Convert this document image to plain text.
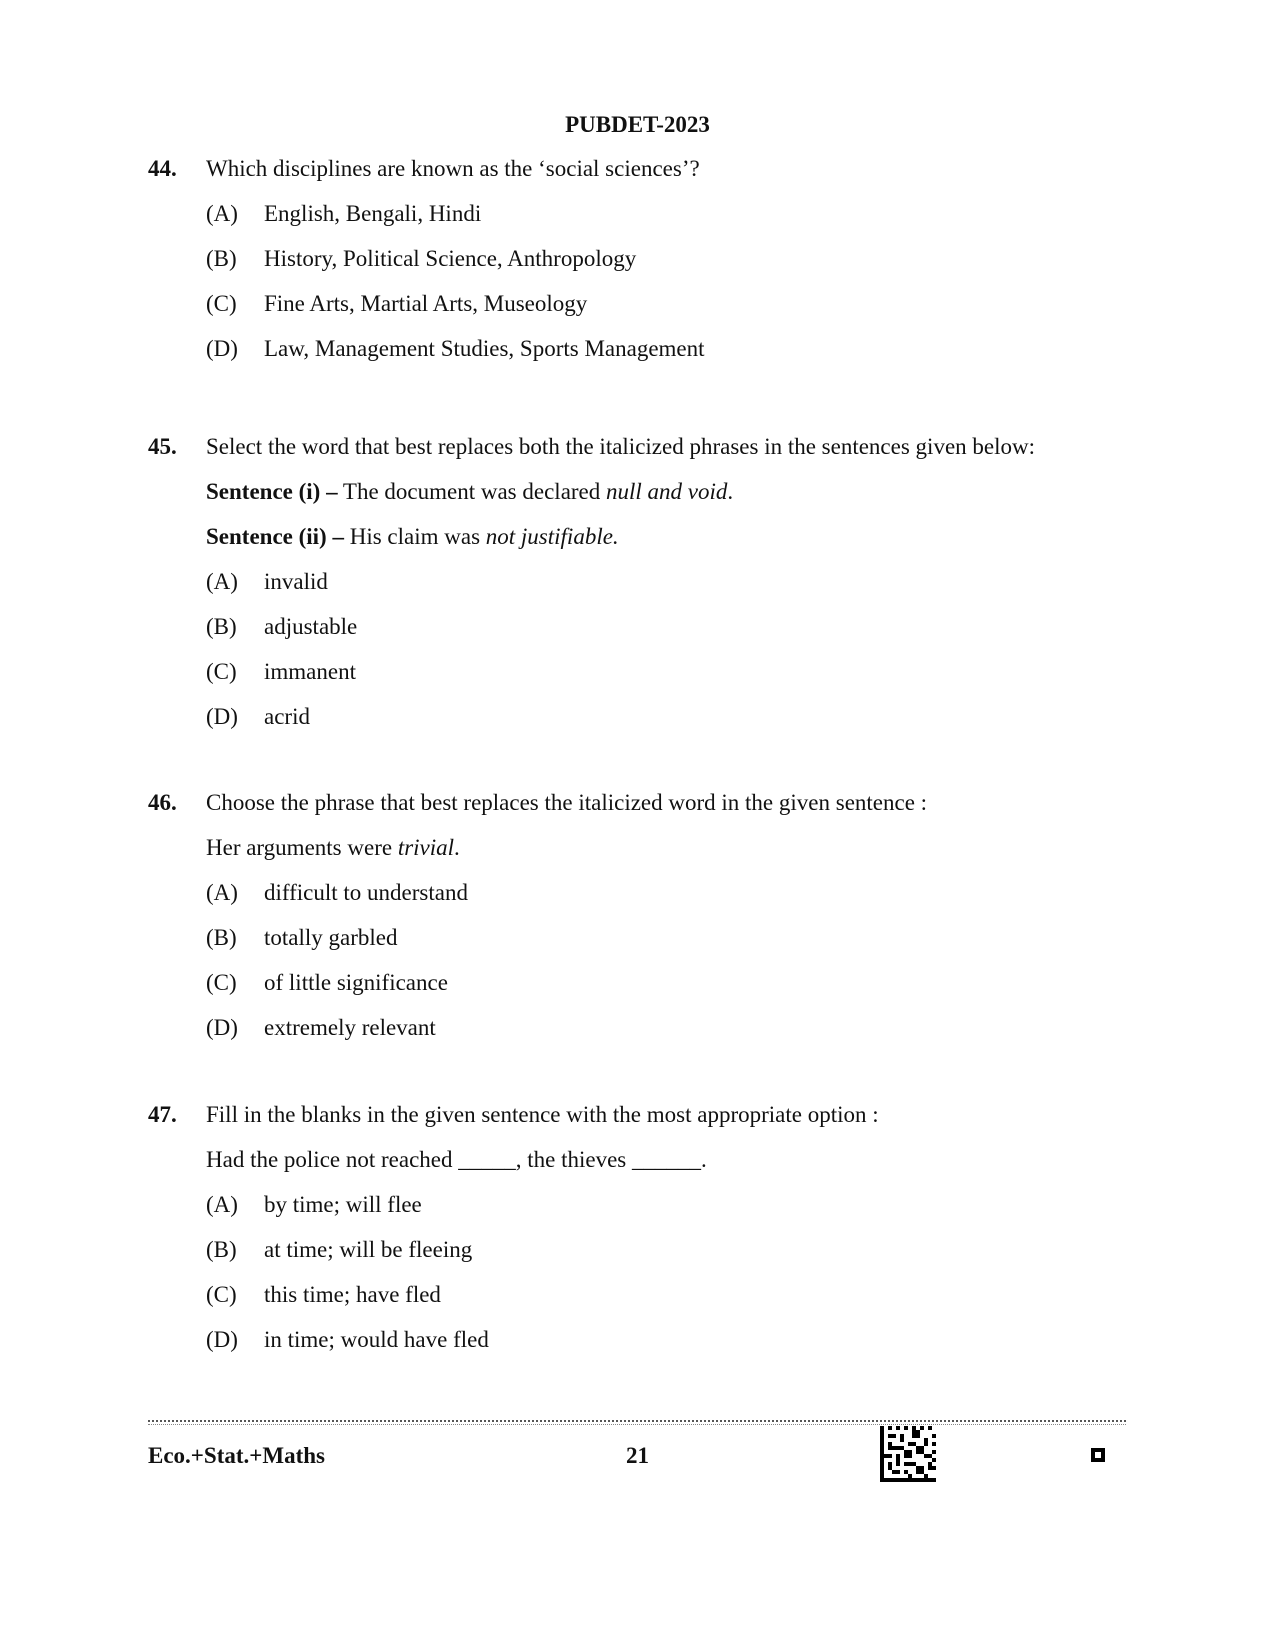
PUBDET-2023
44.	Which disciplines are known as the ‘social sciences’?
(A)	English, Bengali, Hindi
(B)	History, Political Science, Anthropology
(C)	Fine Arts, Martial Arts, Museology
(D)	Law, Management Studies, Sports Management
45.	Select the word that best replaces both the italicized phrases in the sentences given below:
Sentence (i) – The document was declared null and void.
Sentence (ii) – His claim was not justifiable.
(A)	invalid
(B)	adjustable
(C)	immanent
(D)	acrid
46.	Choose the phrase that best replaces the italicized word in the given sentence :
Her arguments were trivial.
(A)	difficult to understand
(B)	totally garbled
(C)	of little significance
(D)	extremely relevant
47.	Fill in the blanks in the given sentence with the most appropriate option :
Had the police not reached _____, the thieves ______.
(A)	by time; will flee
(B)	at time; will be fleeing
(C)	this time; have fled
(D)	in time; would have fled
Eco.+Stat.+Maths	21
